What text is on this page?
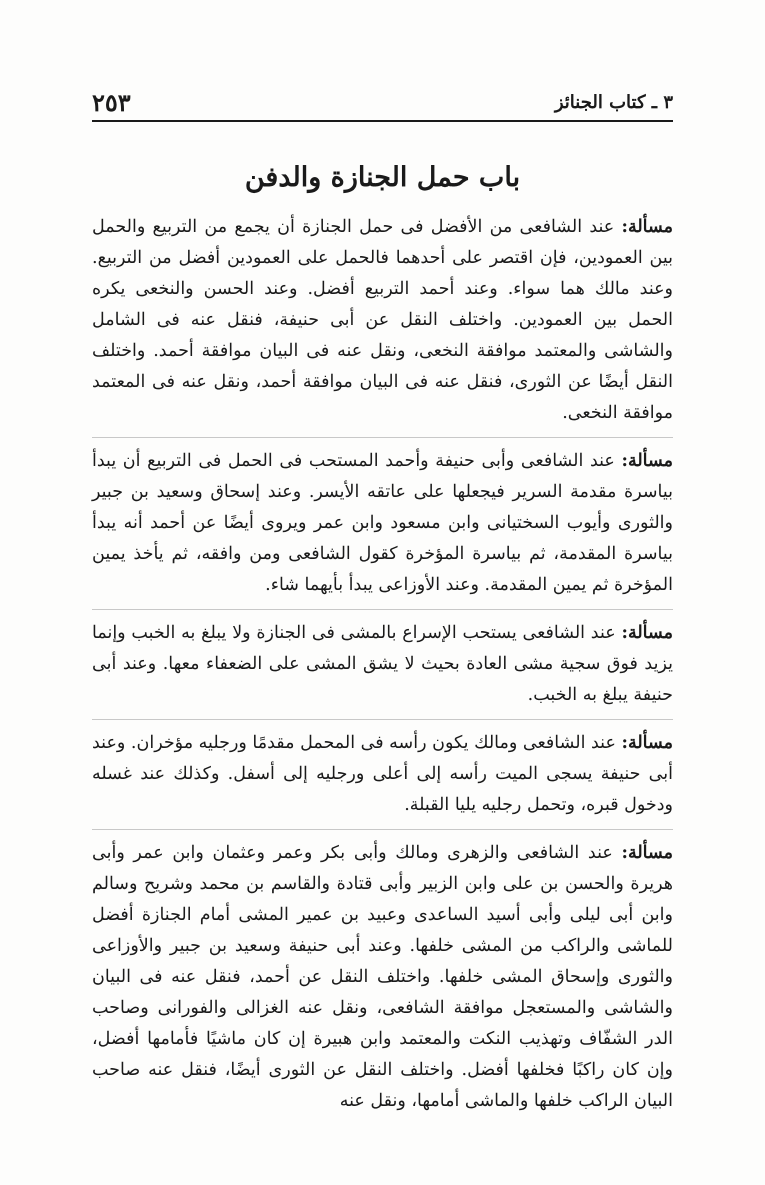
٣ ـ كتاب الجنائز
٢٥٣
باب حمل الجنازة والدفن

مسألة: عند الشافعى من الأفضل فى حمل الجنازة أن يجمع من التربيع والحمل بين العمودين، فإن اقتصر على أحدهما فالحمل على العمودين أفضل من التربيع. وعند مالك هما سواء. وعند أحمد التربيع أفضل. وعند الحسن والنخعى يكره الحمل بين العمودين. واختلف النقل عن أبى حنيفة، فنقل عنه فى الشامل والشاشى والمعتمد موافقة النخعى، ونقل عنه فى البيان موافقة أحمد. واختلف النقل أيضًا عن الثورى، فنقل عنه فى البيان موافقة أحمد، ونقل عنه فى المعتمد موافقة النخعى.

مسألة: عند الشافعى وأبى حنيفة وأحمد المستحب فى الحمل فى التربيع أن يبدأ بياسرة مقدمة السرير فيجعلها على عاتقه الأيسر. وعند إسحاق وسعيد بن جبير والثورى وأيوب السختيانى وابن مسعود وابن عمر ويروى أيضًا عن أحمد أنه يبدأ بياسرة المقدمة، ثم بياسرة المؤخرة كقول الشافعى ومن وافقه، ثم يأخذ يمين المؤخرة ثم يمين المقدمة. وعند الأوزاعى يبدأ بأيهما شاء.

مسألة: عند الشافعى يستحب الإسراع بالمشى فى الجنازة ولا يبلغ به الخبب وإنما يزيد فوق سجية مشى العادة بحيث لا يشق المشى على الضعفاء معها. وعند أبى حنيفة يبلغ به الخبب.

مسألة: عند الشافعى ومالك يكون رأسه فى المحمل مقدمًا ورجليه مؤخران. وعند أبى حنيفة يسجى الميت رأسه إلى أعلى ورجليه إلى أسفل. وكذلك عند غسله ودخول قبره، وتحمل رجليه يليا القبلة.

مسألة: عند الشافعى والزهرى ومالك وأبى بكر وعمر وعثمان وابن عمر وأبى هريرة والحسن بن على وابن الزبير وأبى قتادة والقاسم بن محمد وشريح وسالم وابن أبى ليلى وأبى أسيد الساعدى وعبيد بن عمير المشى أمام الجنازة أفضل للماشى والراكب من المشى خلفها. وعند أبى حنيفة وسعيد بن جبير والأوزاعى والثورى وإسحاق المشى خلفها. واختلف النقل عن أحمد، فنقل عنه فى البيان والشاشى والمستعجل موافقة الشافعى، ونقل عنه الغزالى والفورانى وصاحب الدر الشفّاف وتهذيب النكت والمعتمد وابن هبيرة إن كان ماشيًا فأمامها أفضل، وإن كان راكبًا فخلفها أفضل. واختلف النقل عن الثورى أيضًا، فنقل عنه صاحب البيان الراكب خلفها والماشى أمامها، ونقل عنه
